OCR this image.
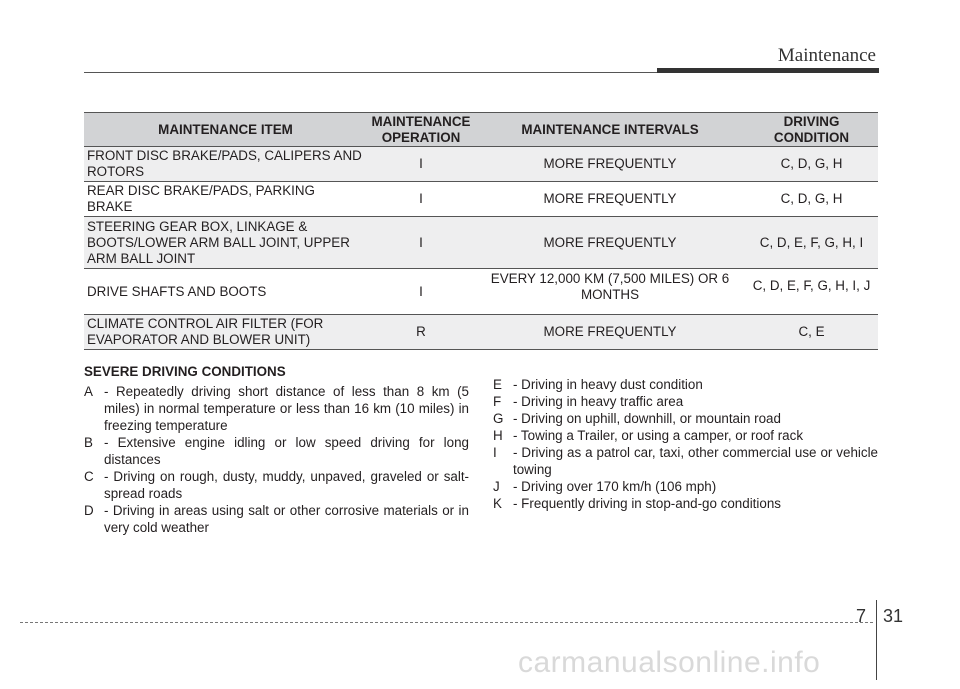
Maintenance
MAINTENANCE ITEM	MAINTENANCE OPERATION	MAINTENANCE INTERVALS	DRIVING CONDITION
FRONT DISC BRAKE/PADS, CALIPERS AND ROTORS	I	MORE FREQUENTLY	C, D, G, H
REAR DISC BRAKE/PADS, PARKING BRAKE	I	MORE FREQUENTLY	C, D, G, H
STEERING GEAR BOX, LINKAGE & BOOTS/LOWER ARM BALL JOINT, UPPER ARM BALL JOINT	I	MORE FREQUENTLY	C, D, E, F, G, H, I
DRIVE SHAFTS AND BOOTS	I	EVERY 12,000 KM (7,500 MILES) OR 6 MONTHS	C, D, E, F, G, H, I, J
CLIMATE CONTROL AIR FILTER (FOR EVAPORATOR AND BLOWER UNIT)	R	MORE FREQUENTLY	C, E
SEVERE DRIVING CONDITIONS
A - Repeatedly driving short distance of less than 8 km (5 miles) in normal temperature or less than 16 km (10 miles) in freezing temperature
B - Extensive engine idling or low speed driving for long distances
C - Driving on rough, dusty, muddy, unpaved, graveled or salt-spread roads
D - Driving in areas using salt or other corrosive materials or in very cold weather
E - Driving in heavy dust condition
F - Driving in heavy traffic area
G - Driving on uphill, downhill, or mountain road
H - Towing a Trailer, or using a camper, or roof rack
I - Driving as a patrol car, taxi, other commercial use or vehicle towing
J - Driving over 170 km/h (106 mph)
K - Frequently driving in stop-and-go conditions
7 31
carmanualsonline.info
